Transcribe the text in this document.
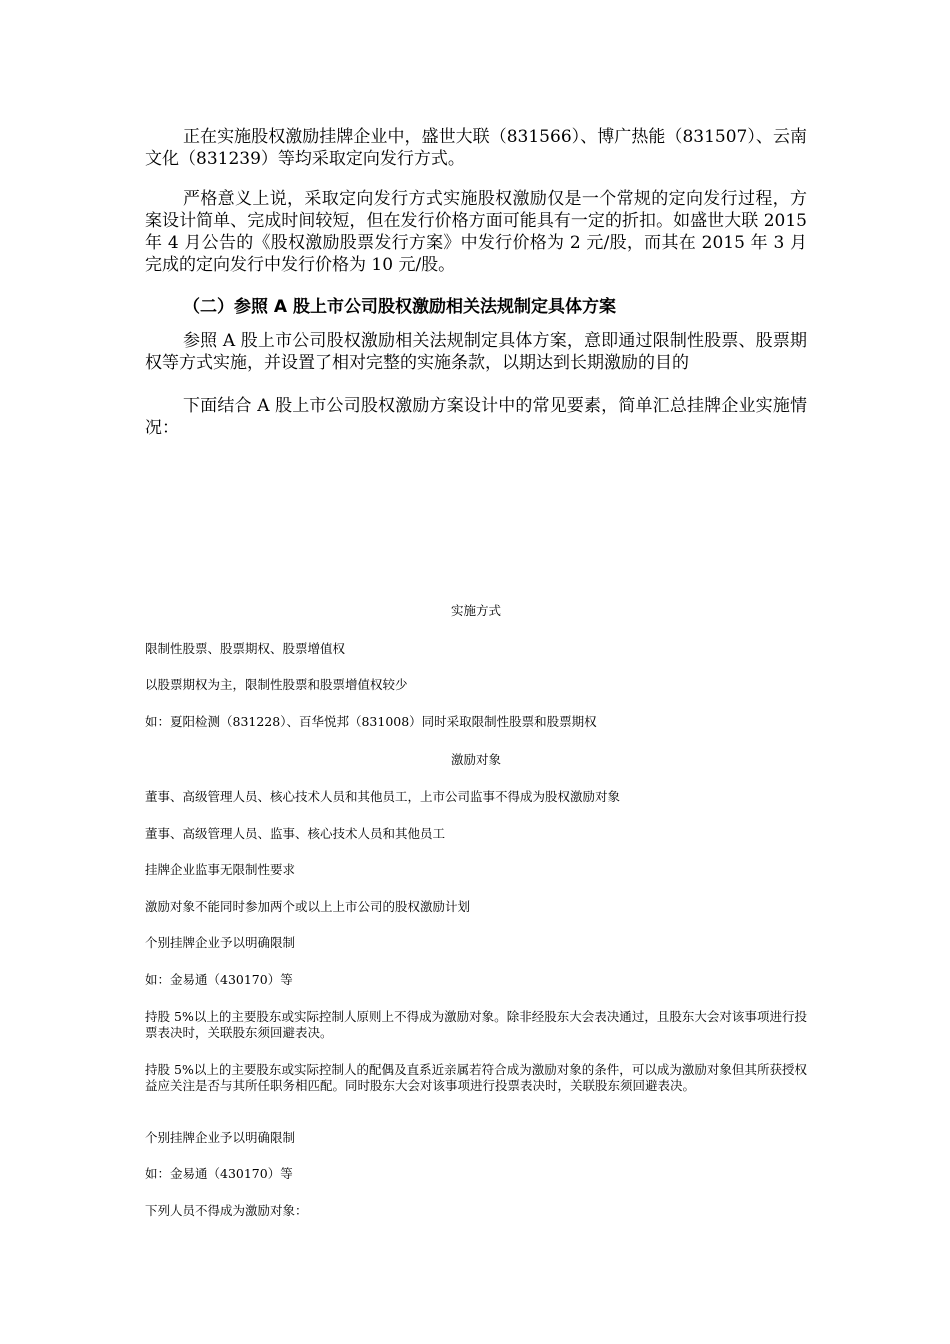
正在实施股权激励挂牌企业中，盛世大联（831566）、博广热能（831507）、云南文化（831239）等均采取定向发行方式。

严格意义上说，采取定向发行方式实施股权激励仅是一个常规的定向发行过程，方案设计简单、完成时间较短，但在发行价格方面可能具有一定的折扣。如盛世大联 2015 年 4 月公告的《股权激励股票发行方案》中发行价格为 2 元/股，而其在 2015 年 3 月完成的定向发行中发行价格为 10 元/股。

（二）参照 A 股上市公司股权激励相关法规制定具体方案

参照 A 股上市公司股权激励相关法规制定具体方案，意即通过限制性股票、股票期权等方式实施，并设置了相对完整的实施条款，以期达到长期激励的目的

下面结合 A 股上市公司股权激励方案设计中的常见要素，简单汇总挂牌企业实施情况：

实施方式

限制性股票、股票期权、股票增值权

以股票期权为主，限制性股票和股票增值权较少

如：夏阳检测（831228）、百华悦邦（831008）同时采取限制性股票和股票期权

激励对象

董事、高级管理人员、核心技术人员和其他员工，上市公司监事不得成为股权激励对象

董事、高级管理人员、监事、核心技术人员和其他员工

挂牌企业监事无限制性要求

激励对象不能同时参加两个或以上上市公司的股权激励计划

个别挂牌企业予以明确限制

如：金易通（430170）等

持股 5%以上的主要股东或实际控制人原则上不得成为激励对象。除非经股东大会表决通过，且股东大会对该事项进行投票表决时，关联股东须回避表决。

持股 5%以上的主要股东或实际控制人的配偶及直系近亲属若符合成为激励对象的条件，可以成为激励对象但其所获授权益应关注是否与其所任职务相匹配。同时股东大会对该事项进行投票表决时，关联股东须回避表决。

个别挂牌企业予以明确限制

如：金易通（430170）等

下列人员不得成为激励对象：
